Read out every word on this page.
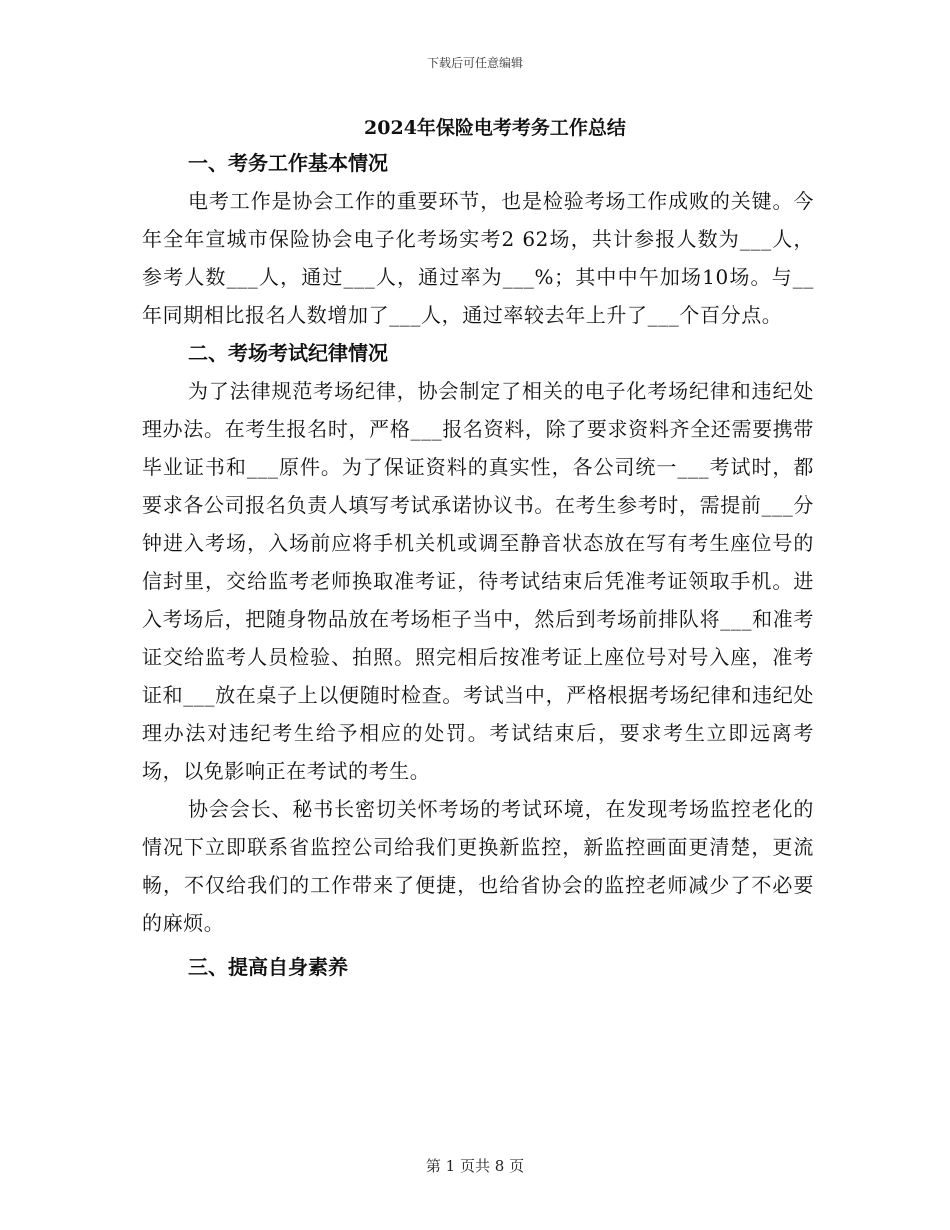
下载后可任意编辑
2024年保险电考考务工作总结
一、考务工作基本情况

电考工作是协会工作的重要环节，也是检验考场工作成败的关键。今年全年宣城市保险协会电子化考场实考2 62场，共计参报人数为___人，参考人数___人，通过___人，通过率为___%；其中中午加场10场。与__年同期相比报名人数增加了___人，通过率较去年上升了___个百分点。

二、考场考试纪律情况

为了法律规范考场纪律，协会制定了相关的电子化考场纪律和违纪处理办法。在考生报名时，严格___报名资料，除了要求资料齐全还需要携带毕业证书和___原件。为了保证资料的真实性，各公司统一___考试时，都要求各公司报名负责人填写考试承诺协议书。在考生参考时，需提前___分钟进入考场，入场前应将手机关机或调至静音状态放在写有考生座位号的信封里，交给监考老师换取准考证，待考试结束后凭准考证领取手机。进入考场后，把随身物品放在考场柜子当中，然后到考场前排队将___和准考证交给监考人员检验、拍照。照完相后按准考证上座位号对号入座，准考证和___放在桌子上以便随时检查。考试当中，严格根据考场纪律和违纪处理办法对违纪考生给予相应的处罚。考试结束后，要求考生立即远离考场，以免影响正在考试的考生。

协会会长、秘书长密切关怀考场的考试环境，在发现考场监控老化的情况下立即联系省监控公司给我们更换新监控，新监控画面更清楚，更流畅，不仅给我们的工作带来了便捷，也给省协会的监控老师减少了不必要的麻烦。

三、提高自身素养
第 1 页共 8 页
